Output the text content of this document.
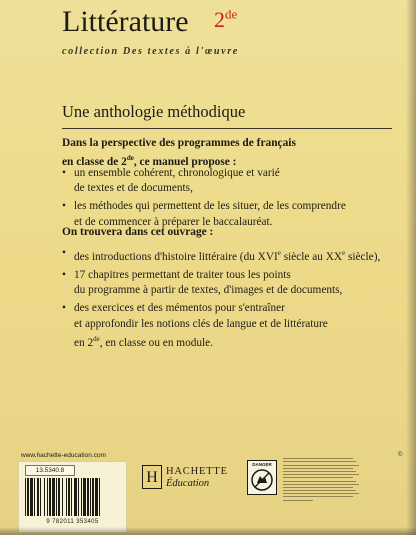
Littérature 2de
collection Des textes à l'œuvre
Une anthologie méthodique
Dans la perspective des programmes de français
en classe de 2de, ce manuel propose :
• un ensemble cohérent, chronologique et varié
de textes et de documents,
• les méthodes qui permettent de les situer, de les comprendre
et de commencer à préparer le baccalauréat.
On trouvera dans cet ouvrage :
• des introductions d'histoire littéraire (du XVIe siècle au XXe siècle),
• 17 chapitres permettant de traiter tous les points
du programme à partir de textes, d'images et de documents,
• des exercices et des mémentos pour s'entraîner
et approfondir les notions clés de langue et de littérature
en 2de, en classe ou en module.
www.hachette-education.com
13.5340.8
9 782011 353405
H HACHETTE
Éducation
DANGER
©
